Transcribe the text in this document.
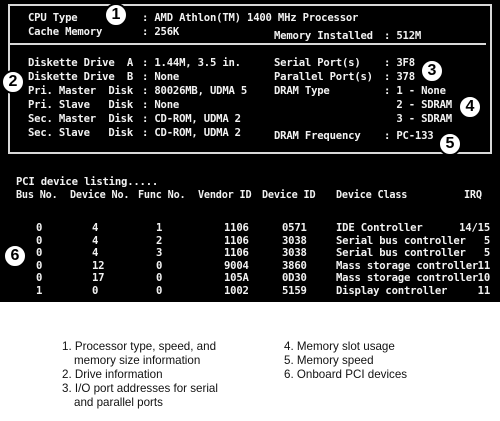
CPU Type	: AMD Athlon(TM) 1400 MHz Processor
Cache Memory	: 256K	Memory Installed : 512M
Diskette Drive  A : 1.44M, 3.5 in.
Diskette Drive  B : None
Pri. Master  Disk : 80026MB, UDMA 5
Pri. Slave   Disk : None
Sec. Master  Disk : CD-ROM, UDMA 2
Sec. Slave   Disk : CD-ROM, UDMA 2
Serial Port(s) : 3F8
Parallel Port(s) : 378
DRAM Type	: 1 - None
2 - SDRAM
3 - SDRAM
DRAM Frequency : PC-133
PCI device listing.....
Bus No. Device No. Func No. Vendor ID Device ID Device Class	IRQ
0	4	1	1106	0571	IDE Controller	14/15
0	4	2	1106	3038	Serial bus controller 5
0	4	3	1106	3038	Serial bus controller 5
0	12	0	9004	3860	Mass storage controller 11
0	17	0	105A	0D30	Mass storage controller 10
1	0	0	1002	5159	Display controller	11
1
2
3
4
5
6
1. Processor type, speed, and
memory size information
2. Drive information
3. I/O port addresses for serial
and parallel ports
4. Memory slot usage
5. Memory speed
6. Onboard PCI devices
